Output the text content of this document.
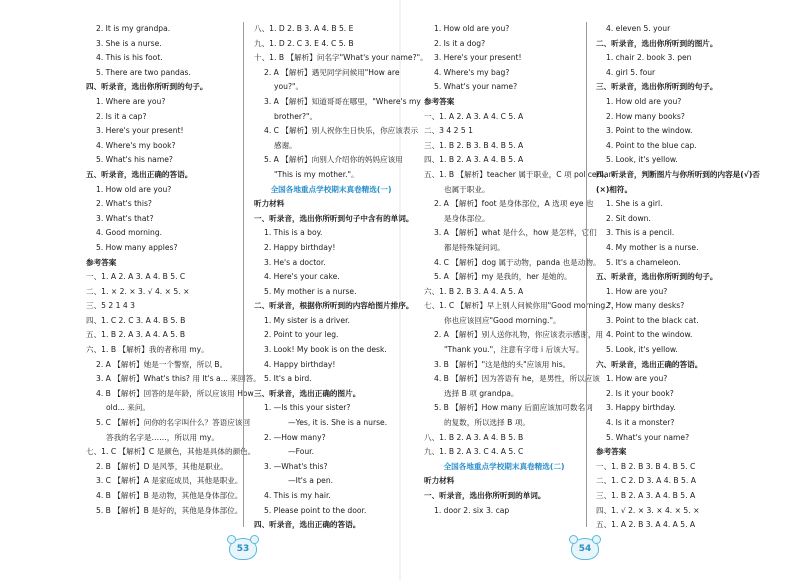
2. It is my grandpa.
3. She is a nurse.
4. This is his foot.
5. There are two pandas.
四、听录音，选出你所听到的句子。
1. Where are you?
2. Is it a cap?
3. Here's your present!
4. Where's my book?
5. What's his name?
五、听录音，选出正确的答语。
1. How old are you?
2. What's this?
3. What's that?
4. Good morning.
5. How many apples?
参考答案
一、1. A 2. A 3. A 4. B 5. C
二、1. × 2. × 3. √ 4. × 5. ×
三、5 2 1 4 3
四、1. C 2. C 3. A 4. B 5. B
五、1. B 2. A 3. A 4. A 5. B
六、1. B 【解析】我的者称用 my。
2. A 【解析】她是一个警察，所以 B。
3. A 【解析】What's this? 用 It's a... 来回答。
4. B 【解析】回答的是年龄，所以应该用 How
old... 来问。
5. C 【解析】问你的名字叫什么？答语应该回
答我的名字是……，所以用 my。
七、1. C 【解析】C 是颜色，其他是具体的颜色。
2. B 【解析】D 是风筝，其他是职业。
3. C 【解析】A 是家庭成员，其他是职业。
4. B 【解析】B 是动物，其他是身体部位。
5. B 【解析】B 是好的，其他是身体部位。
八、1. D 2. B 3. A 4. B 5. E
九、1. D 2. C 3. E 4. C 5. B
十、1. B 【解析】问名字"What's your name?"。
2. A 【解析】遇见同学问候用"How are
you?"。
3. A 【解析】知道哥哥在哪里，"Where's my
brother?"。
4. C 【解析】别人祝你生日快乐，你应该表示
感谢。
5. A 【解析】向别人介绍你的妈妈应该用
"This is my mother."。
全国各地重点学校期末真卷精选(一)
听力材料
一、听录音，选出你所听到句子中含有的单词。
1. This is a boy.
2. Happy birthday!
3. He's a doctor.
4. Here's your cake.
5. My mother is a nurse.
二、听录音，根据你所听到的内容给图片排序。
1. My sister is a driver.
2. Point to your leg.
3. Look! My book is on the desk.
4. Happy birthday!
5. It's a bird.
三、听录音，选出正确的图片。
1. —Is this your sister?
—Yes, it is. She is a nurse.
2. —How many?
—Four.
3. —What's this?
—It's a pen.
4. This is my hair.
5. Please point to the door.
四、听录音，选出正确的答语。
1. How old are you?
2. Is it a dog?
3. Here's your present!
4. Where's my bag?
5. What's your name?
参考答案
一、1. A 2. A 3. A 4. C 5. A
二、3 4 2 5 1
三、1. B 2. B 3. B 4. B 5. A
四、1. B 2. A 3. A 4. B 5. A
五、1. B 【解析】teacher 属于职业，C 项 policeman
也属于职业。
2. A 【解析】foot 是身体部位，A 选项 eye 也
是身体部位。
3. A 【解析】what 是什么，how 是怎样，它们
都是特殊疑问词。
4. C 【解析】dog 属于动物，panda 也是动物。
5. A 【解析】my 是我的，her 是她的。
六、1. B 2. B 3. A 4. A 5. A
七、1. C 【解析】早上别人问候你用"Good morning."，
你也应该回应"Good morning."。
2. A 【解析】别人送你礼物，你应该表示感谢，用
"Thank you."，注意有字母 i 后该大写。
3. B 【解析】"这是他的头"应该用 his。
4. B 【解析】因为答语有 he，是男性，所以应该
选择 B 项 grandpa。
5. B 【解析】How many 后面应该加可数名词
的复数，所以选择 B 项。
八、1. B 2. A 3. A 4. B 5. B
九、1. B 2. A 3. C 4. A 5. C
全国各地重点学校期末真卷精选(二)
听力材料
一、听录音，选出你所听到的单词。
1. door 2. six 3. cap
4. eleven 5. your
二、听录音，选出你所听到的图片。
1. chair 2. book 3. pen
4. girl 5. four
三、听录音，选出你所听到的句子。
1. How old are you?
2. How many books?
3. Point to the window.
4. Point to the blue cap.
5. Look, it's yellow.
四、听录音，判断图片与你所听到的内容是(√)否
(×)相符。
1. She is a girl.
2. Sit down.
3. This is a pencil.
4. My mother is a nurse.
5. It's a chameleon.
五、听录音，选出你所听到的句子。
1. How are you?
2. How many desks?
3. Point to the black cat.
4. Point to the window.
5. Look, it's yellow.
六、听录音，选出正确的答语。
1. How are you?
2. Is it your book?
3. Happy birthday.
4. Is it a monster?
5. What's your name?
参考答案
一、1. B 2. B 3. B 4. B 5. C
二、1. C 2. D 3. A 4. B 5. A
三、1. B 2. A 3. A 4. B 5. A
四、1. √ 2. × 3. × 4. × 5. ×
五、1. A 2. B 3. A 4. A 5. A
53	54
